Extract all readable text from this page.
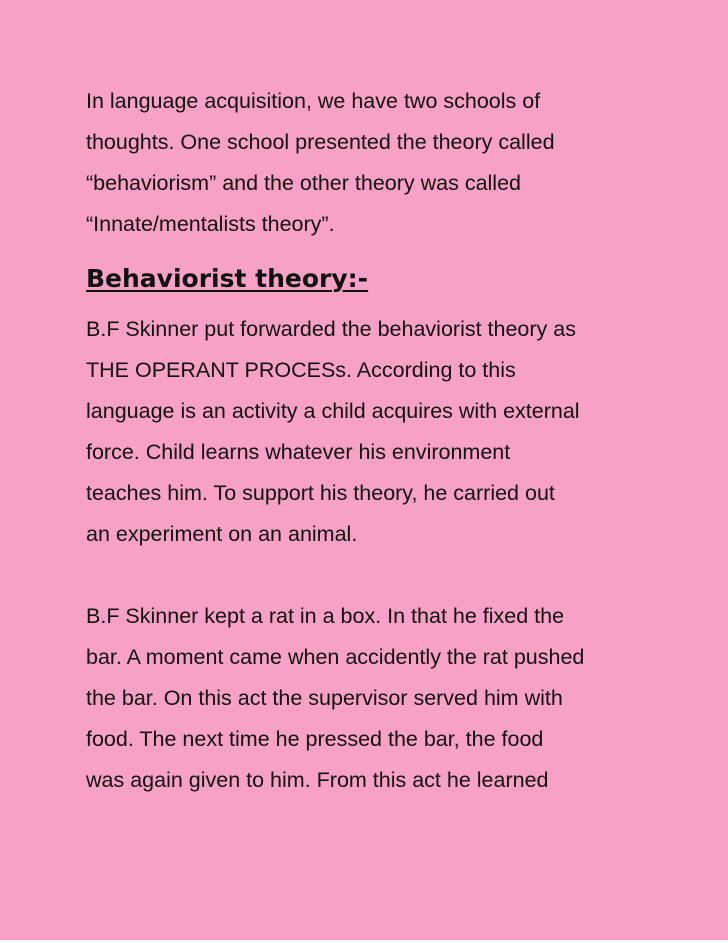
In language acquisition, we have two schools of
thoughts. One school presented the theory called
“behaviorism” and the other theory was called
“Innate/mentalists theory”.

Behaviorist theory:-

B.F Skinner put forwarded the behaviorist theory as
THE OPERANT PROCESs. According to this
language is an activity a child acquires with external
force. Child learns whatever his environment
teaches him. To support his theory, he carried out
an experiment on an animal.

B.F Skinner kept a rat in a box. In that he fixed the
bar. A moment came when accidently the rat pushed
the bar. On this act the supervisor served him with
food. The next time he pressed the bar, the food
was again given to him. From this act he learned
